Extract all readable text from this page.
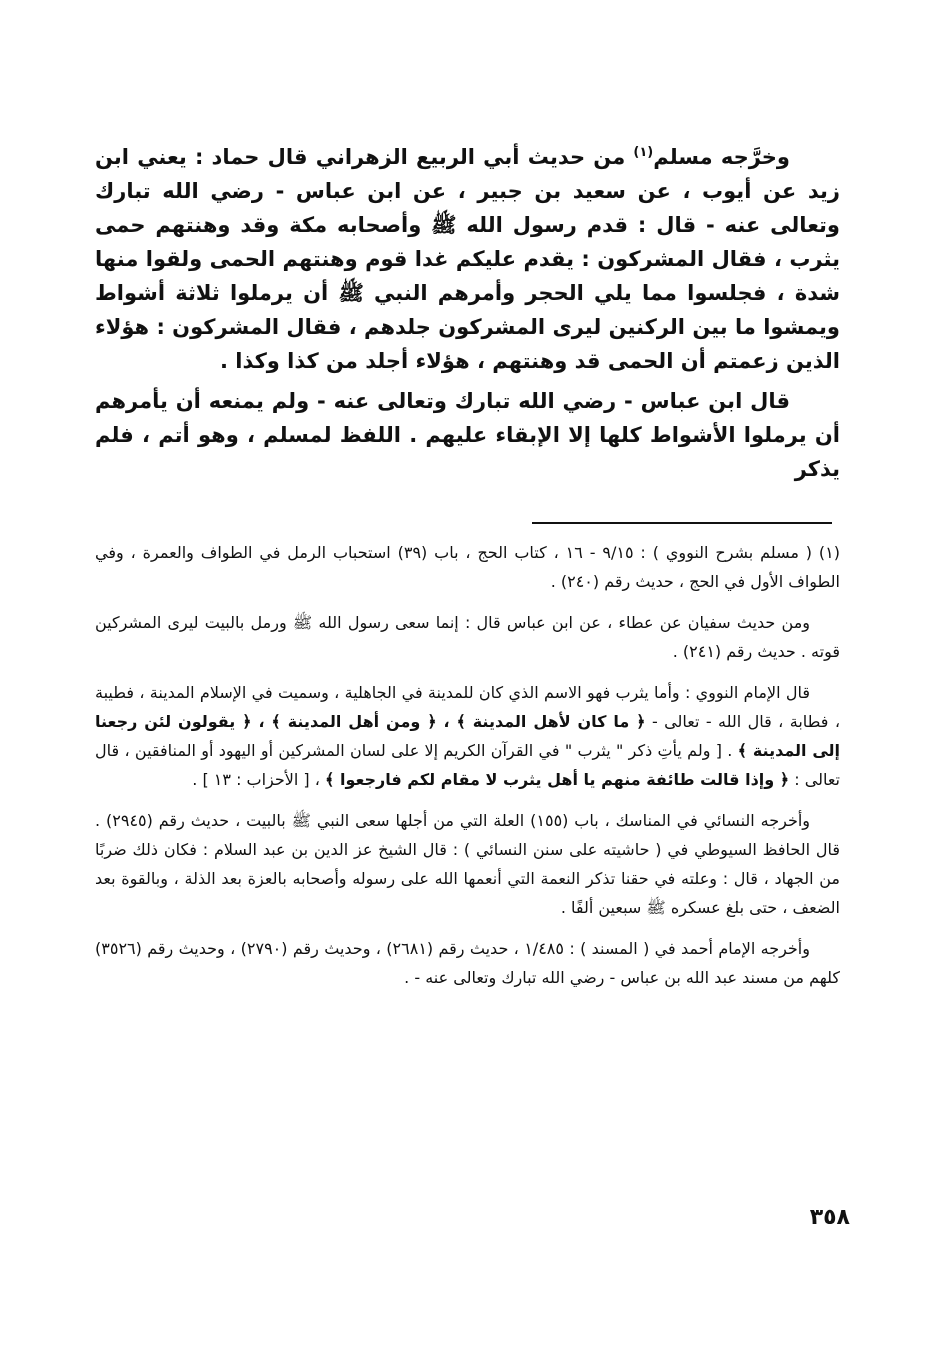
وخرَّجه مسلم$^{(١)}$ من حديث أبي الربيع الزهراني قال حماد : يعني ابن زيد عن أيوب ، عن سعيد بن جبير ، عن ابن عباس - رضي الله تبارك وتعالى عنه - قال : قدم رسول الله ﷺ وأصحابه مكة وقد وهنتهم حمى يثرب ، فقال المشركون : يقدم عليكم غدا قوم وهنتهم الحمى ولقوا منها شدة ، فجلسوا مما يلي الحجر وأمرهم النبي ﷺ أن يرملوا ثلاثة أشواط ويمشوا ما بين الركنين ليرى المشركون جلدهم ، فقال المشركون : هؤلاء الذين زعمتم أن الحمى قد وهنتهم ، هؤلاء أجلد من كذا وكذا .

قال ابن عباس - رضي الله تبارك وتعالى عنه - ولم يمنعه أن يأمرهم أن يرملوا الأشواط كلها إلا الإبقاء عليهم . اللفظ لمسلم ، وهو أتم ، فلم يذكر

(١) ( مسلم بشرح النووي ) : ٩/١٥ - ١٦ ، كتاب الحج ، باب (٣٩) استحباب الرمل في الطواف والعمرة ، وفي الطواف الأول في الحج ، حديث رقم (٢٤٠) .

ومن حديث سفيان عن عطاء ، عن ابن عباس قال : إنما سعى رسول الله ﷺ ورمل بالبيت ليرى المشركين قوته . حديث رقم (٢٤١) .

قال الإمام النووي : وأما يثرب فهو الاسم الذي كان للمدينة في الجاهلية ، وسميت في الإسلام المدينة ، فطيبة ، فطابة ، قال الله - تعالى - ﴿ ما كان لأهل المدينة ﴾ ، ﴿ ومن أهل المدينة ﴾ ، ﴿ يقولون لئن رجعنا إلى المدينة ﴾ . [ ولم يأتِ ذكر " يثرب " في القرآن الكريم إلا على لسان المشركين أو اليهود أو المنافقين ، قال تعالى : ﴿ وإذا قالت طائفة منهم يا أهل يثرب لا مقام لكم فارجعوا ﴾ ، [ الأحزاب : ١٣ ] .

وأخرجه النسائي في المناسك ، باب (١٥٥) العلة التي من أجلها سعى النبي ﷺ بالبيت ، حديث رقم (٢٩٤٥) . قال الحافظ السيوطي في ( حاشيته على سنن النسائي ) : قال الشيخ عز الدين بن عبد السلام : فكان ذلك ضربًا من الجهاد ، قال : وعلته في حقنا تذكر النعمة التي أنعمها الله على رسوله وأصحابه بالعزة بعد الذلة ، وبالقوة بعد الضعف ، حتى بلغ عسكره ﷺ سبعين ألفًا .

وأخرجه الإمام أحمد في ( المسند ) : ١/٤٨٥ ، حديث رقم (٢٦٨١) ، وحديث رقم (٢٧٩٠) ، وحديث رقم (٣٥٢٦) كلهم من مسند عبد الله بن عباس - رضي الله تبارك وتعالى عنه - .

٣٥٨
